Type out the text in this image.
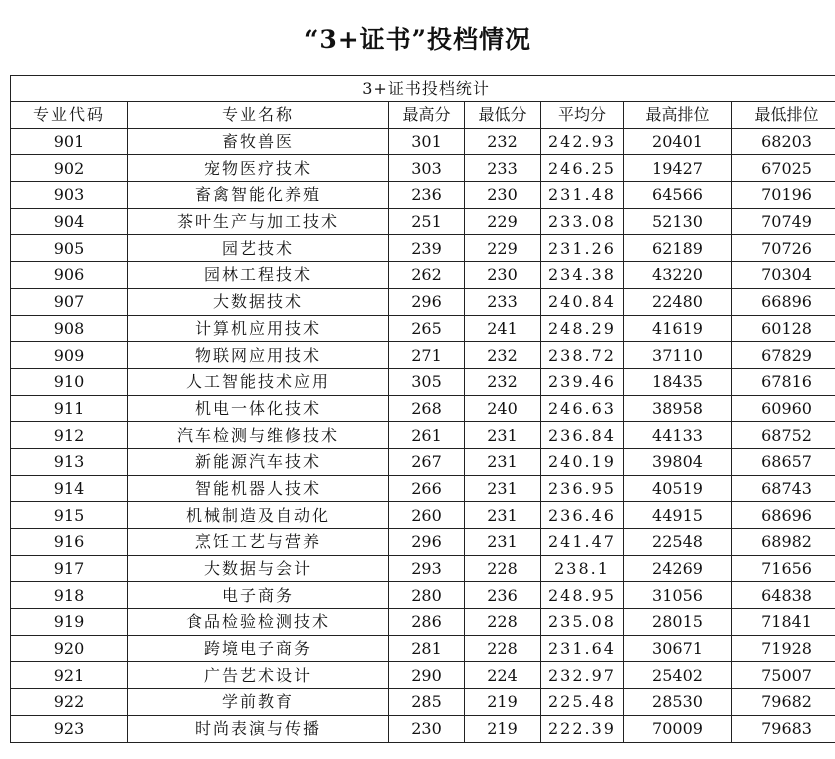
“3+证书”投档情况
3+证书投档统计						
专业代码	专业名称	最高分	最低分	平均分	最高排位	最低排位
901	畜牧兽医	301	232	242.93	20401	68203
902	宠物医疗技术	303	233	246.25	19427	67025
903	畜禽智能化养殖	236	230	231.48	64566	70196
904	茶叶生产与加工技术	251	229	233.08	52130	70749
905	园艺技术	239	229	231.26	62189	70726
906	园林工程技术	262	230	234.38	43220	70304
907	大数据技术	296	233	240.84	22480	66896
908	计算机应用技术	265	241	248.29	41619	60128
909	物联网应用技术	271	232	238.72	37110	67829
910	人工智能技术应用	305	232	239.46	18435	67816
911	机电一体化技术	268	240	246.63	38958	60960
912	汽车检测与维修技术	261	231	236.84	44133	68752
913	新能源汽车技术	267	231	240.19	39804	68657
914	智能机器人技术	266	231	236.95	40519	68743
915	机械制造及自动化	260	231	236.46	44915	68696
916	烹饪工艺与营养	296	231	241.47	22548	68982
917	大数据与会计	293	228	238.1	24269	71656
918	电子商务	280	236	248.95	31056	64838
919	食品检验检测技术	286	228	235.08	28015	71841
920	跨境电子商务	281	228	231.64	30671	71928
921	广告艺术设计	290	224	232.97	25402	75007
922	学前教育	285	219	225.48	28530	79682
923	时尚表演与传播	230	219	222.39	70009	79683
